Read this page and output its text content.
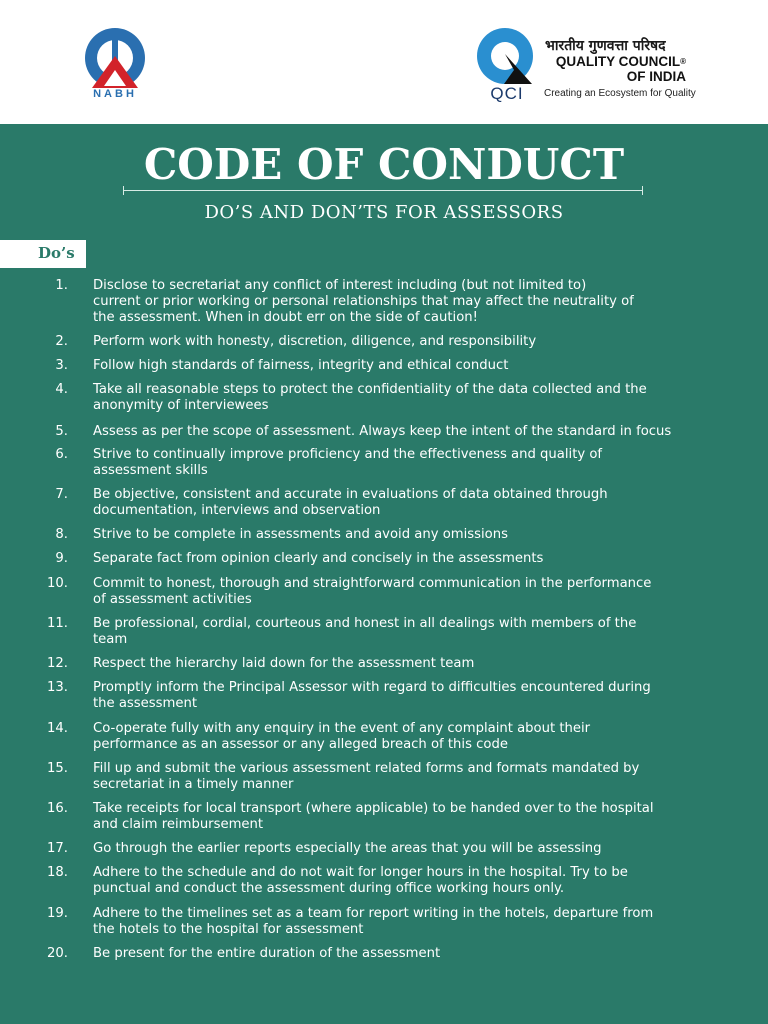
NABH	QCI
भारतीय गुणवत्ता परिषद
QUALITY COUNCIL®
OF INDIA
Creating an Ecosystem for Quality
CODE OF CONDUCT
DO’S AND DON’TS FOR ASSESSORS
Do’s
1. Disclose to secretariat any conflict of interest including (but not limited to)
current or prior working or personal relationships that may affect the neutrality of
the assessment. When in doubt err on the side of caution!
2. Perform work with honesty, discretion, diligence, and responsibility
3. Follow high standards of fairness, integrity and ethical conduct
4. Take all reasonable steps to protect the confidentiality of the data collected and the
anonymity of interviewees
5. Assess as per the scope of assessment. Always keep the intent of the standard in focus
6. Strive to continually improve proficiency and the effectiveness and quality of
assessment skills
7. Be objective, consistent and accurate in evaluations of data obtained through
documentation, interviews and observation
8. Strive to be complete in assessments and avoid any omissions
9. Separate fact from opinion clearly and concisely in the assessments
10. Commit to honest, thorough and straightforward communication in the performance
of assessment activities
11. Be professional, cordial, courteous and honest in all dealings with members of the
team
12. Respect the hierarchy laid down for the assessment team
13. Promptly inform the Principal Assessor with regard to difficulties encountered during
the assessment
14. Co-operate fully with any enquiry in the event of any complaint about their
performance as an assessor or any alleged breach of this code
15. Fill up and submit the various assessment related forms and formats mandated by
secretariat in a timely manner
16. Take receipts for local transport (where applicable) to be handed over to the hospital
and claim reimbursement
17. Go through the earlier reports especially the areas that you will be assessing
18. Adhere to the schedule and do not wait for longer hours in the hospital. Try to be
punctual and conduct the assessment during office working hours only.
19. Adhere to the timelines set as a team for report writing in the hotels, departure from
the hotels to the hospital for assessment
20. Be present for the entire duration of the assessment
